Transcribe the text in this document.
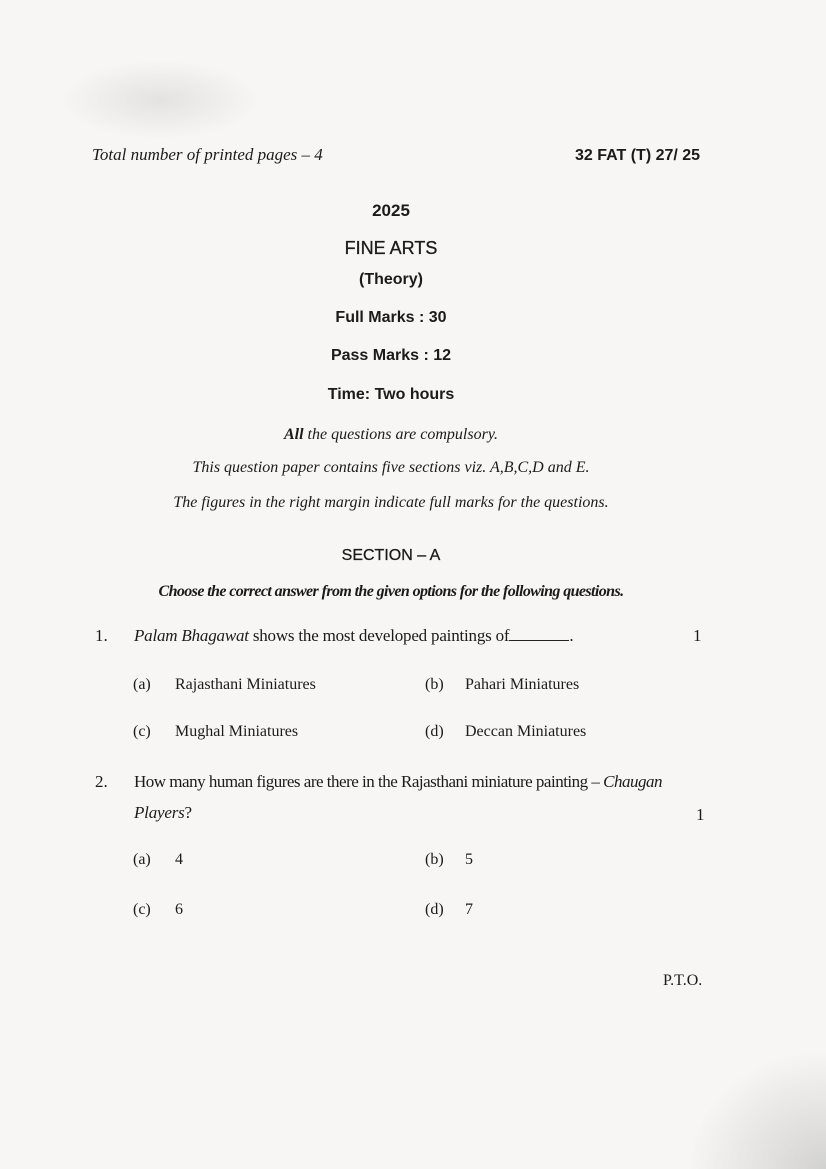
Total number of printed pages – 4	32 FAT (T) 27/ 25
2025
FINE ARTS
(Theory)
Full Marks : 30
Pass Marks : 12
Time: Two hours
All the questions are compulsory.
This question paper contains five sections viz. A,B,C,D and E.
The figures in the right margin indicate full marks for the questions.
SECTION – A
Choose the correct answer from the given options for the following questions.
1. Palam Bhagawat shows the most developed paintings of	.	1
(a) Rajasthani Miniatures	(b) Pahari Miniatures
(c) Mughal Miniatures	(d) Deccan Miniatures
2. How many human figures are there in the Rajasthani miniature painting – Chaugan
Players?	1
(a) 4	(b) 5
(c) 6	(d) 7
P.T.O.
